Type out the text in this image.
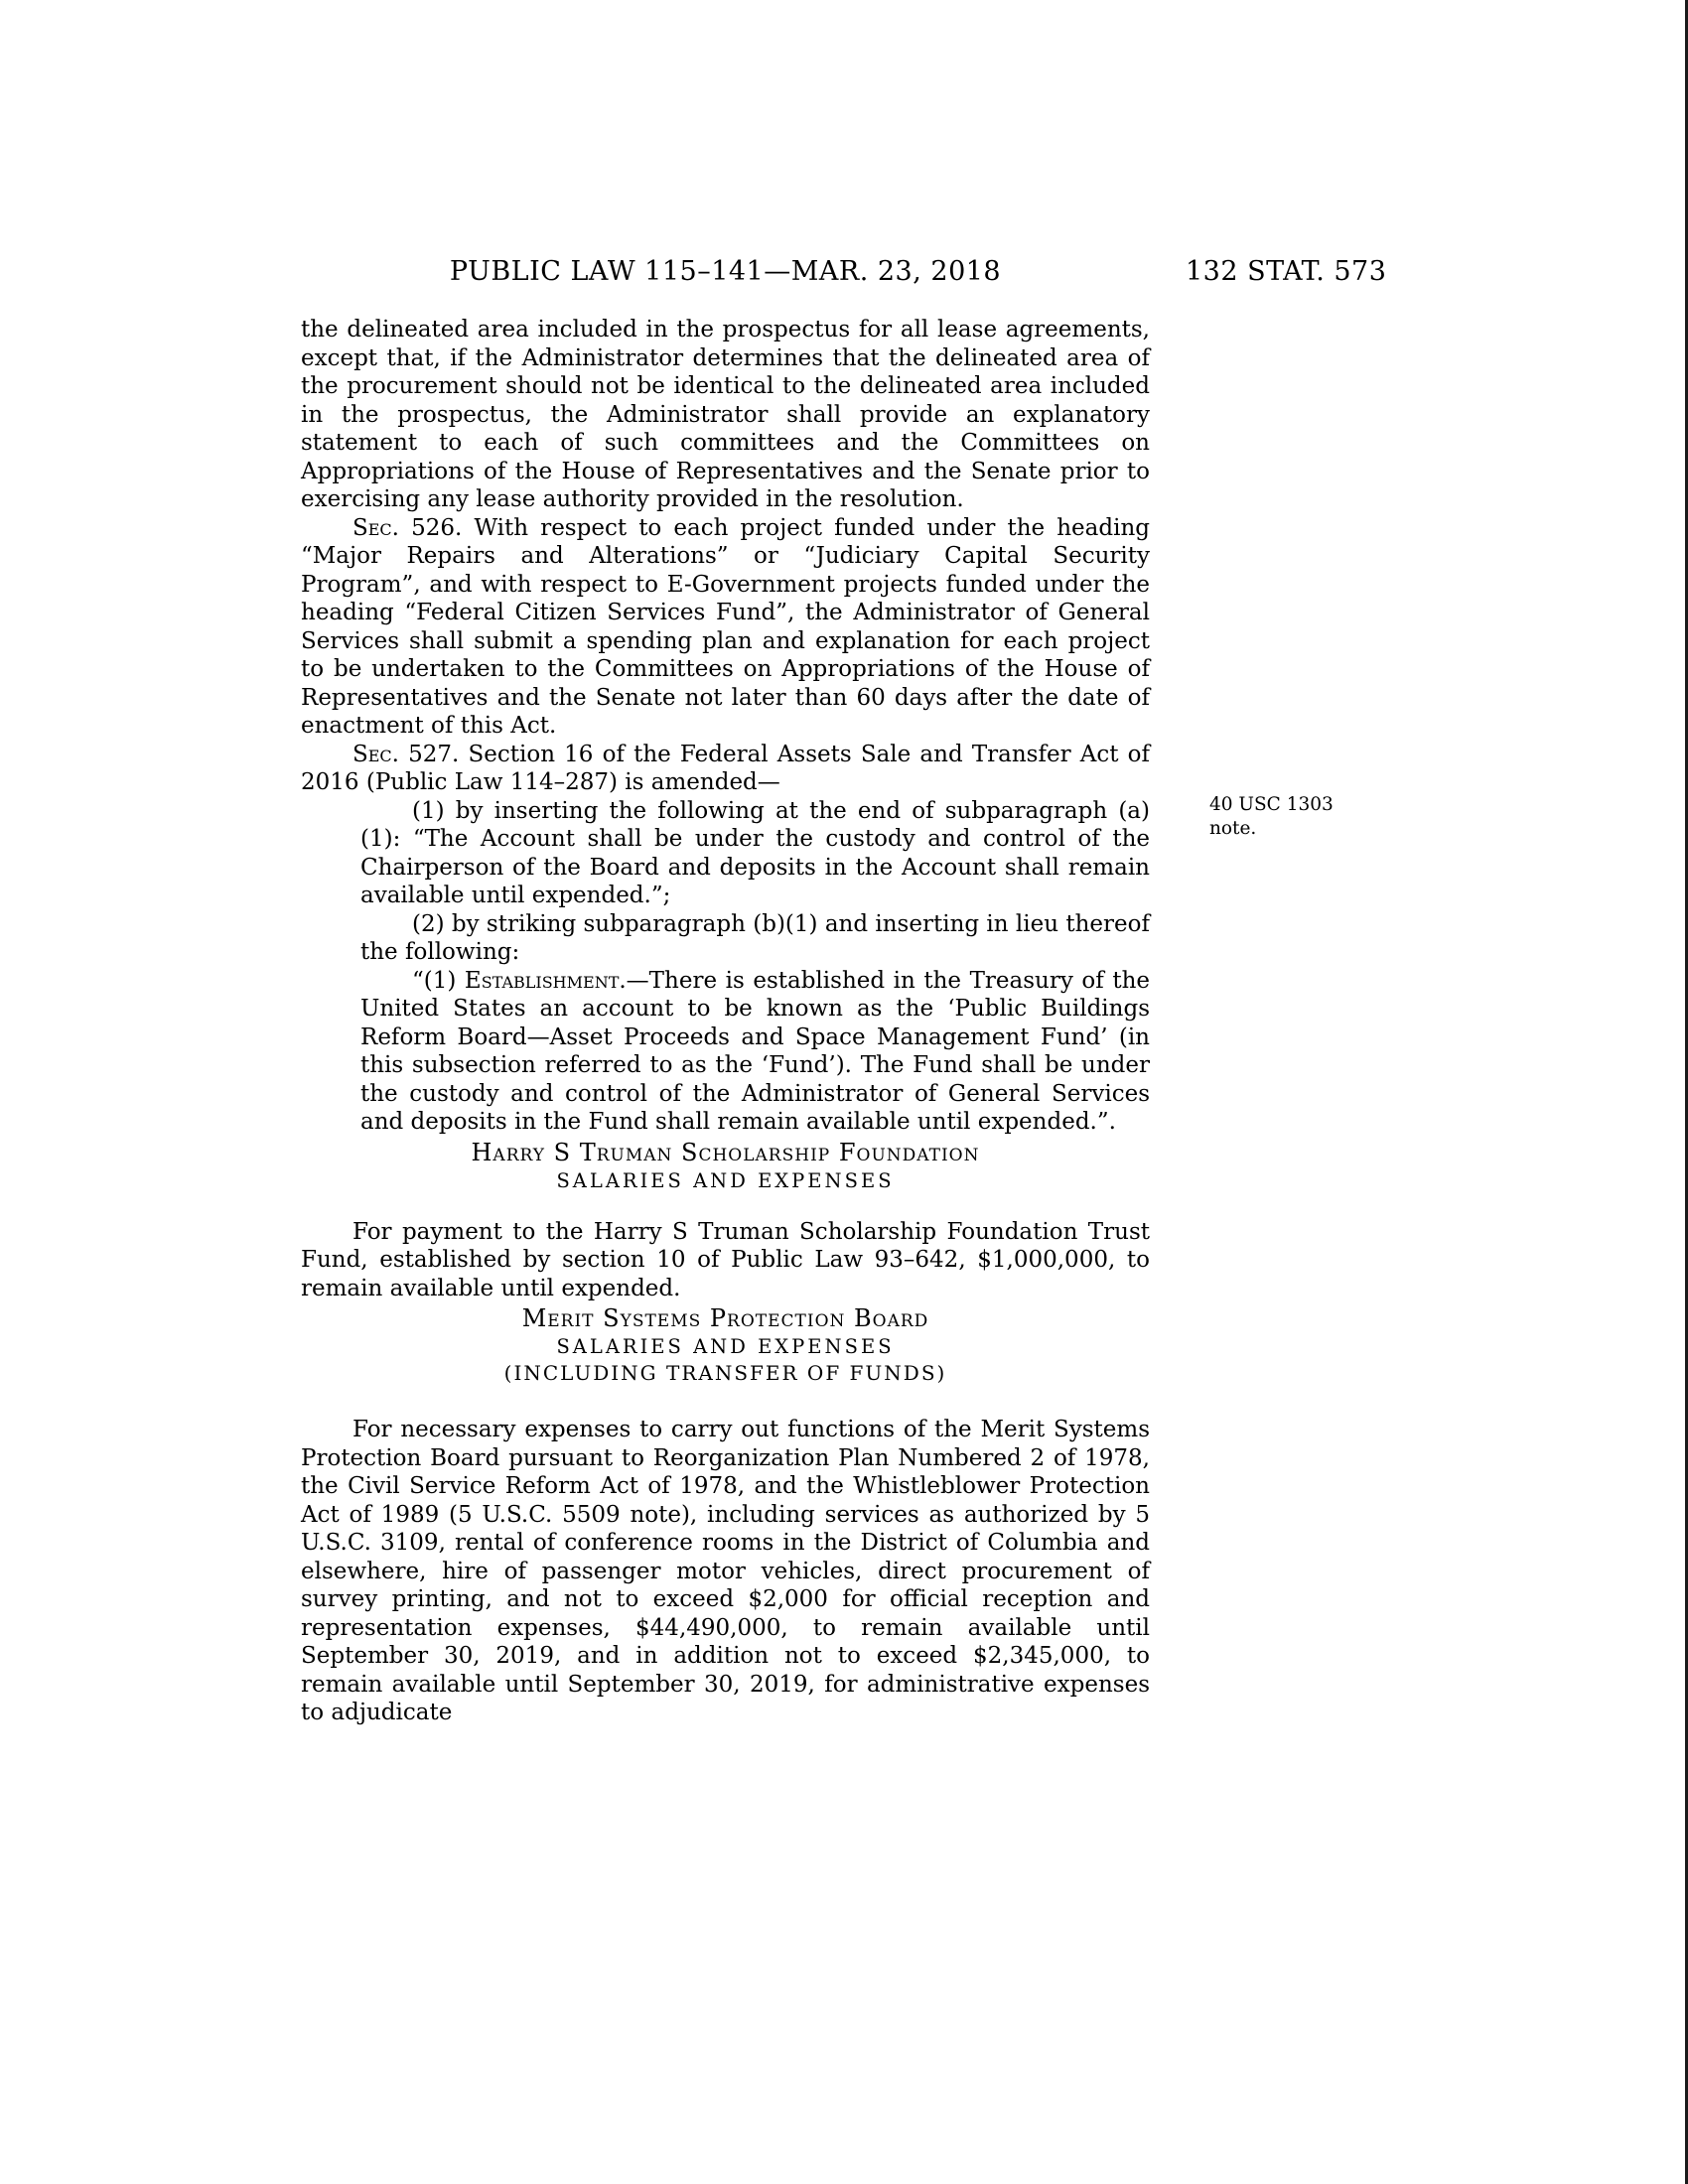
PUBLIC LAW 115–141—MAR. 23, 2018	132 STAT. 573

the delineated area included in the prospectus for all lease agreements, except that, if the Administrator determines that the delineated area of the procurement should not be identical to the delineated area included in the prospectus, the Administrator shall provide an explanatory statement to each of such committees and the Committees on Appropriations of the House of Representatives and the Senate prior to exercising any lease authority provided in the resolution.

Sec. 526. With respect to each project funded under the heading “Major Repairs and Alterations” or “Judiciary Capital Security Program”, and with respect to E-Government projects funded under the heading “Federal Citizen Services Fund”, the Administrator of General Services shall submit a spending plan and explanation for each project to be undertaken to the Committees on Appropriations of the House of Representatives and the Senate not later than 60 days after the date of enactment of this Act.

Sec. 527. Section 16 of the Federal Assets Sale and Transfer Act of 2016 (Public Law 114–287) is amended—

(1) by inserting the following at the end of subparagraph (a)(1): “The Account shall be under the custody and control of the Chairperson of the Board and deposits in the Account shall remain available until expended.”;

(2) by striking subparagraph (b)(1) and inserting in lieu thereof the following:

“(1) Establishment.—There is established in the Treasury of the United States an account to be known as the ‘Public Buildings Reform Board—Asset Proceeds and Space Management Fund’ (in this subsection referred to as the ‘Fund’). The Fund shall be under the custody and control of the Administrator of General Services and deposits in the Fund shall remain available until expended.”.

Harry S Truman Scholarship Foundation

SALARIES AND EXPENSES

For payment to the Harry S Truman Scholarship Foundation Trust Fund, established by section 10 of Public Law 93–642, $1,000,000, to remain available until expended.

Merit Systems Protection Board

SALARIES AND EXPENSES

(INCLUDING TRANSFER OF FUNDS)

For necessary expenses to carry out functions of the Merit Systems Protection Board pursuant to Reorganization Plan Numbered 2 of 1978, the Civil Service Reform Act of 1978, and the Whistleblower Protection Act of 1989 (5 U.S.C. 5509 note), including services as authorized by 5 U.S.C. 3109, rental of conference rooms in the District of Columbia and elsewhere, hire of passenger motor vehicles, direct procurement of survey printing, and not to exceed $2,000 for official reception and representation expenses, $44,490,000, to remain available until September 30, 2019, and in addition not to exceed $2,345,000, to remain available until September 30, 2019, for administrative expenses to adjudicate

40 USC 1303 note.
